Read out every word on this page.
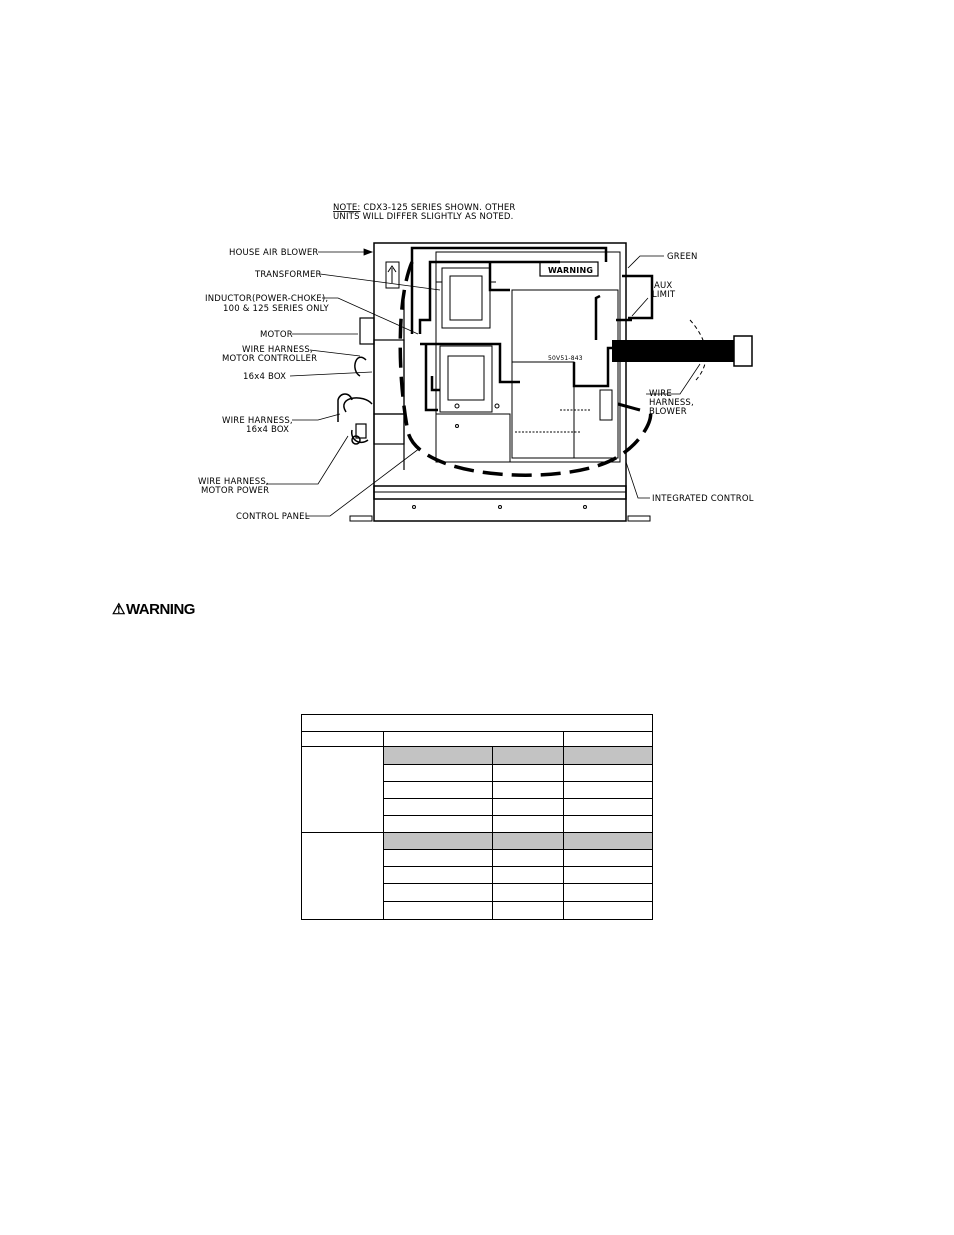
NOTE: CDX3-125 SERIES SHOWN. OTHER
UNITS WILL DIFFER SLIGHTLY AS NOTED.
WARNING
50V51-843
HOUSE AIR BLOWER
TRANSFORMER
INDUCTOR(POWER-CHOKE),
100 & 125 SERIES ONLY
MOTOR
WIRE HARNESS,
MOTOR CONTROLLER
16x4 BOX
WIRE HARNESS,
16x4 BOX
WIRE HARNESS,
MOTOR POWER
CONTROL PANEL
GREEN
AUX
LIMIT
WIRE
HARNESS,
BLOWER
INTEGRATED CONTROL
⚠WARNING
